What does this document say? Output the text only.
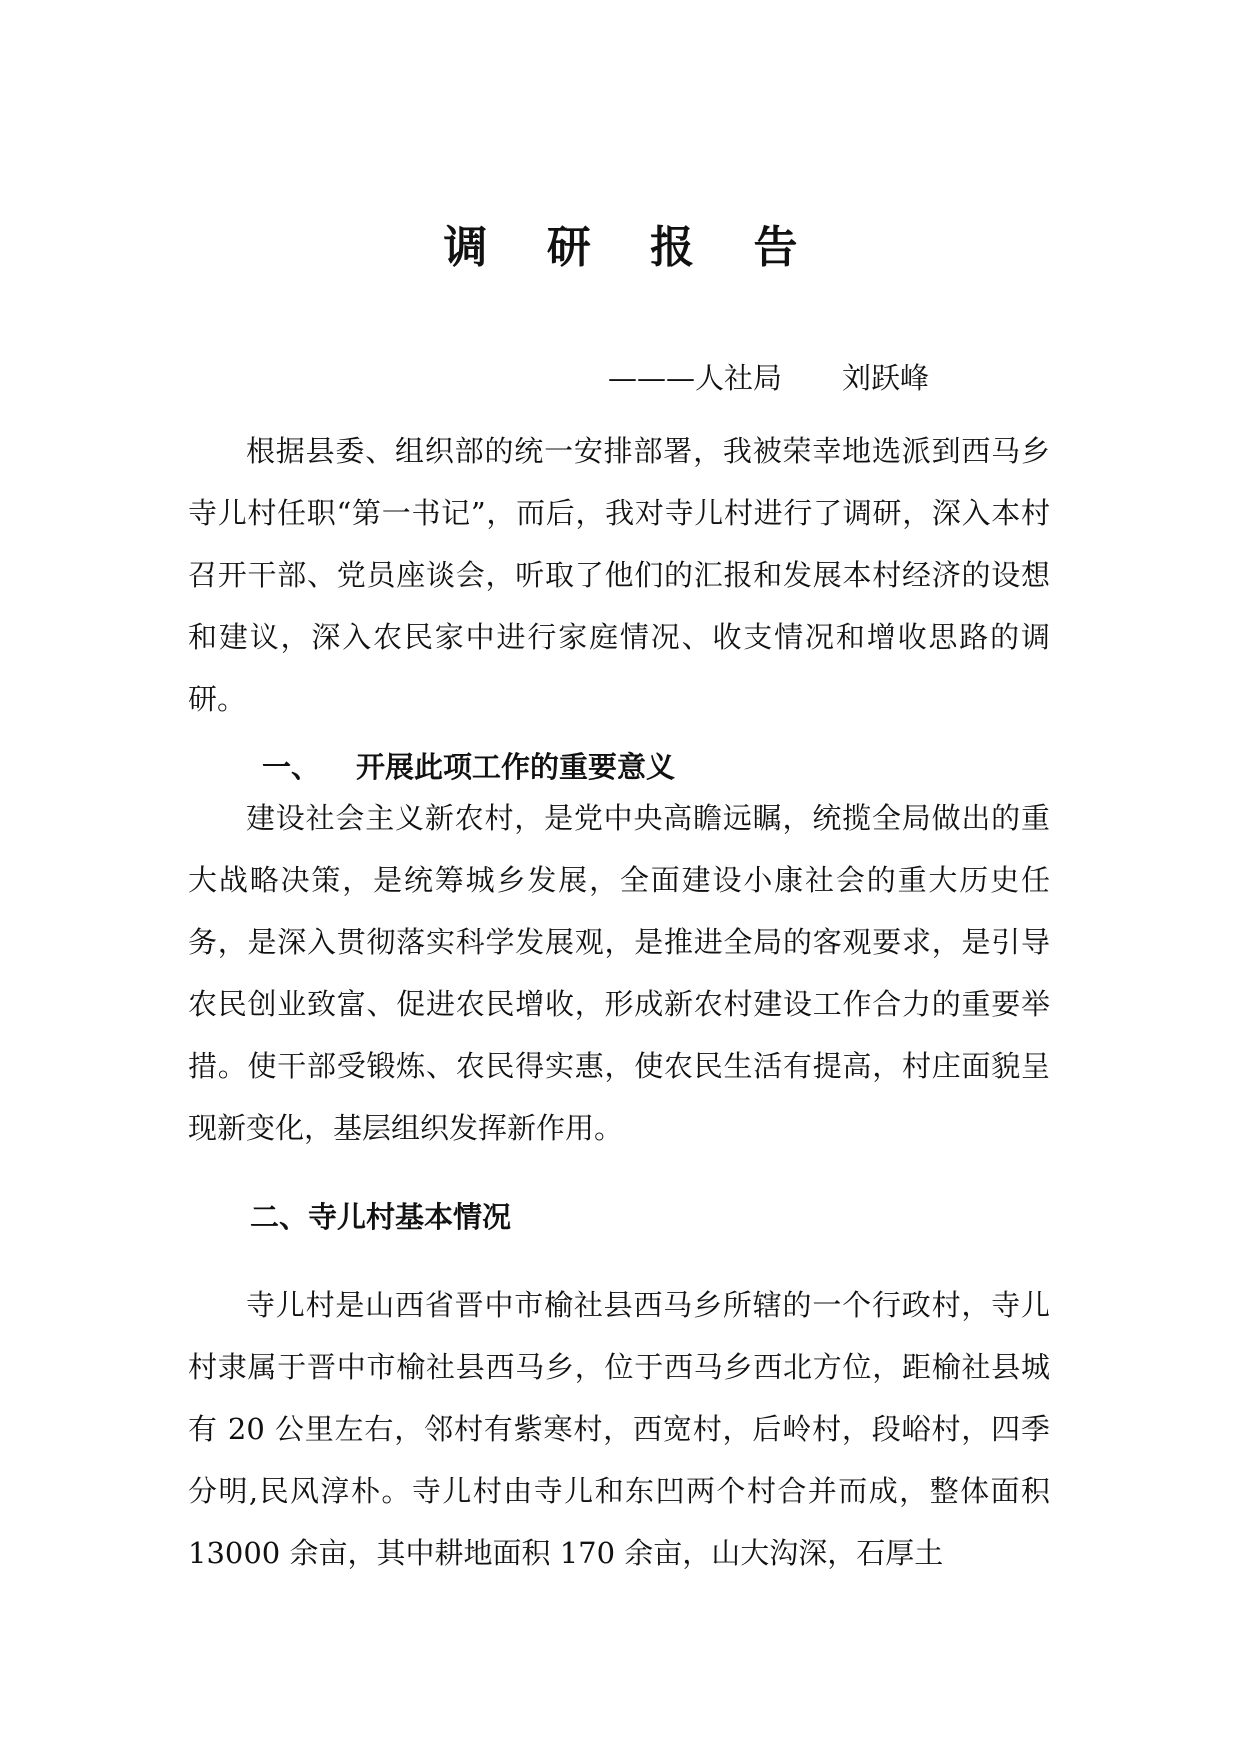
调 研 报 告
———人社局 刘跃峰

根据县委、组织部的统一安排部署，我被荣幸地选派到西马乡寺儿村任职“第一书记”，而后，我对寺儿村进行了调研，深入本村召开干部、党员座谈会，听取了他们的汇报和发展本村经济的设想和建议，深入农民家中进行家庭情况、收支情况和增收思路的调研。

一、 开展此项工作的重要意义

建设社会主义新农村，是党中央高瞻远瞩，统揽全局做出的重大战略决策，是统筹城乡发展，全面建设小康社会的重大历史任务，是深入贯彻落实科学发展观，是推进全局的客观要求，是引导农民创业致富、促进农民增收，形成新农村建设工作合力的重要举措。使干部受锻炼、农民得实惠，使农民生活有提高，村庄面貌呈现新变化，基层组织发挥新作用。

二、寺儿村基本情况

寺儿村是山西省晋中市榆社县西马乡所辖的一个行政村，寺儿村隶属于晋中市榆社县西马乡，位于西马乡西北方位，距榆社县城有 20 公里左右，邻村有紫寒村，西宽村，后岭村，段峪村，四季分明,民风淳朴。寺儿村由寺儿和东凹两个村合并而成，整体面积 13000 余亩，其中耕地面积 170 余亩，山大沟深，石厚土
